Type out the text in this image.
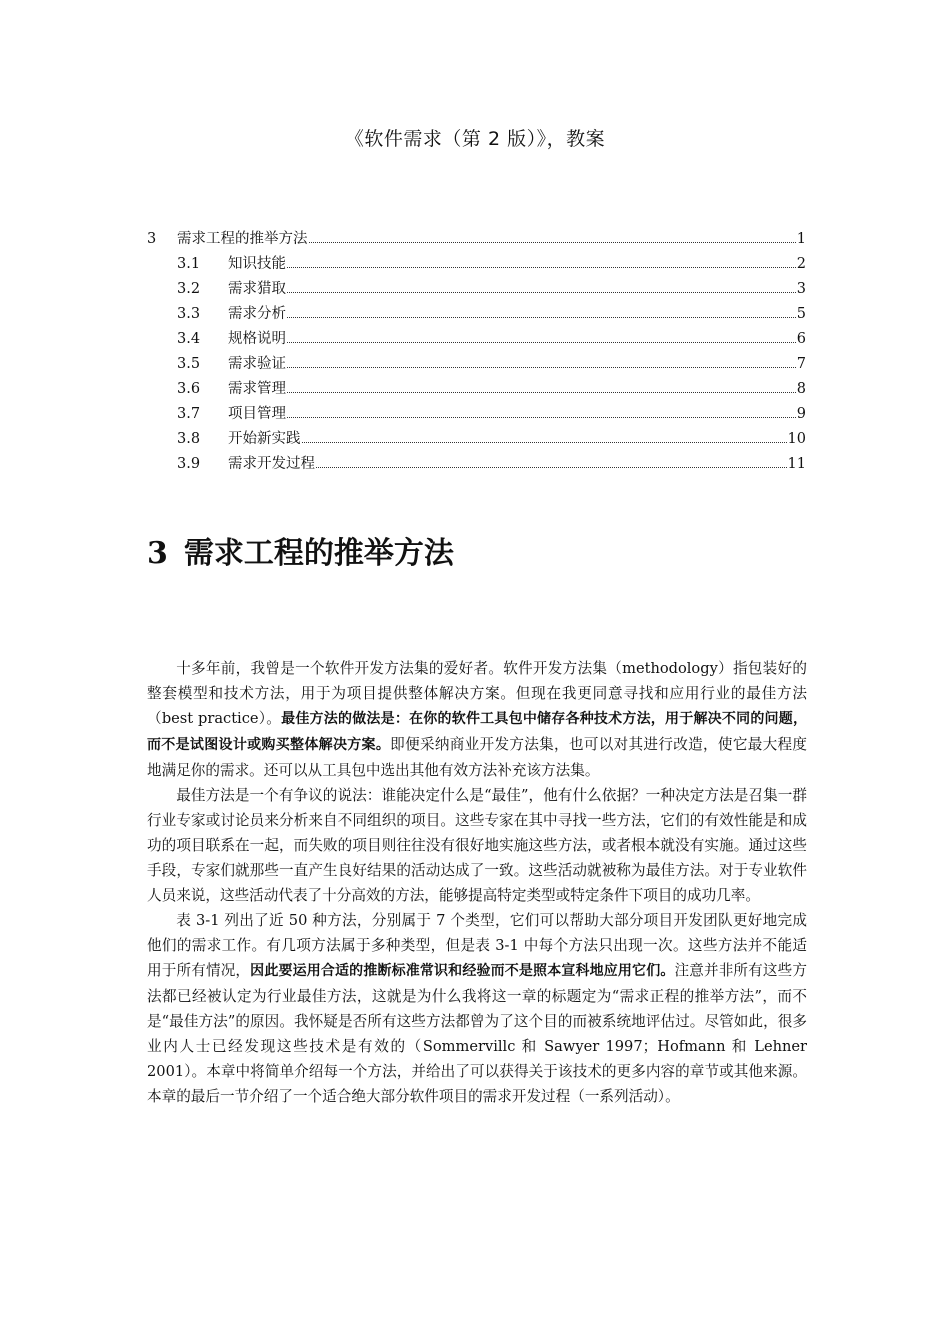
《软件需求（第 2 版）》，教案
3	需求工程的推举方法	1
3.1	知识技能	2
3.2	需求猎取	3
3.3	需求分析	5
3.4	规格说明	6
3.5	需求验证	7
3.6	需求管理	8
3.7	项目管理	9
3.8	开始新实践	10
3.9	需求开发过程	11
3 需求工程的推举方法

十多年前，我曾是一个软件开发方法集的爱好者。软件开发方法集（methodology）指包装好的整套模型和技术方法，用于为项目提供整体解决方案。但现在我更同意寻找和应用行业的最佳方法（best practice）。最佳方法的做法是：在你的软件工具包中储存各种技术方法，用于解决不同的问题，而不是试图设计或购买整体解决方案。即便采纳商业开发方法集，也可以对其进行改造，使它最大程度地满足你的需求。还可以从工具包中选出其他有效方法补充该方法集。

最佳方法是一个有争议的说法：谁能决定什么是“最佳”，他有什么依据？一种决定方法是召集一群行业专家或讨论员来分析来自不同组织的项目。这些专家在其中寻找一些方法，它们的有效性能是和成功的项目联系在一起，而失败的项目则往往没有很好地实施这些方法，或者根本就没有实施。通过这些手段，专家们就那些一直产生良好结果的活动达成了一致。这些活动就被称为最佳方法。对于专业软件人员来说，这些活动代表了十分高效的方法，能够提高特定类型或特定条件下项目的成功几率。

表 3-1 列出了近 50 种方法，分别属于 7 个类型，它们可以帮助大部分项目开发团队更好地完成他们的需求工作。有几项方法属于多种类型，但是表 3-1 中每个方法只出现一次。这些方法并不能适用于所有情况，因此要运用合适的推断标准常识和经验而不是照本宣科地应用它们。注意并非所有这些方法都已经被认定为行业最佳方法，这就是为什么我将这一章的标题定为“需求正程的推举方法”，而不是“最佳方法”的原因。我怀疑是否所有这些方法都曾为了这个目的而被系统地评估过。尽管如此，很多业内人士已经发现这些技术是有效的（Sommervillc 和 Sawyer 1997；Hofmann 和 Lehner 2001）。本章中将简单介绍每一个方法，并给出了可以获得关于该技术的更多内容的章节或其他来源。本章的最后一节介绍了一个适合绝大部分软件项目的需求开发过程（一系列活动）。
